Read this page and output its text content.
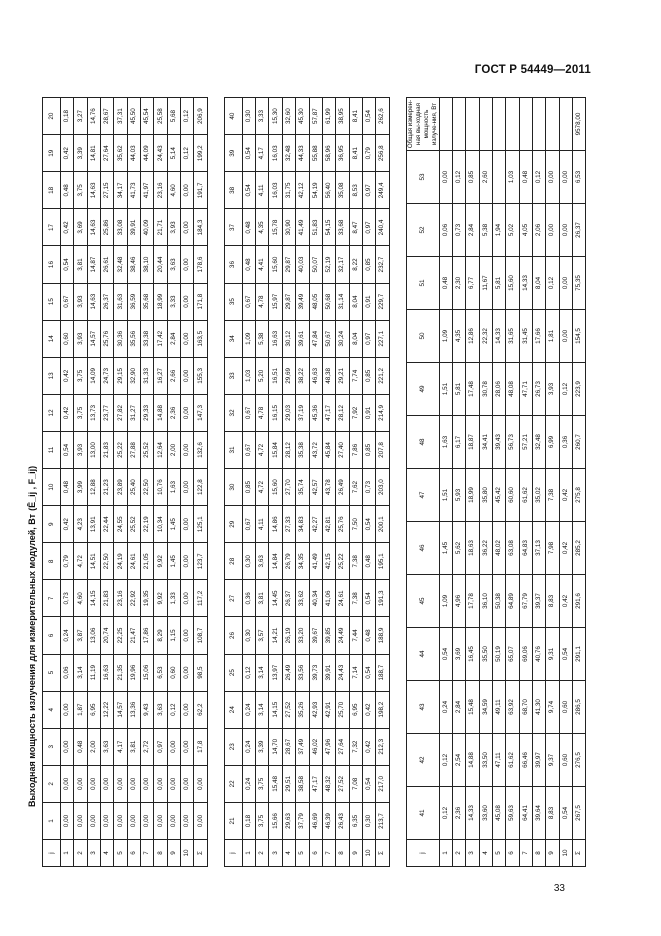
ГОСТ Р 54449—2011
Выходная мощность излучения для измерительных модулей, Вт
(Ē_ij , F_ij)
j	1	2	3	4	5	6	7	8	9	10	11	12	13	14	15	16	17	18	19	20
1	0,00	0,00	0,00	0,00	0,06	0,24	0,73	0,79	0,42	0,48	0,54	0,42	0,42	0,60	0,67	0,54	0,42	0,48	0,42	0,18
2	0,00	0,00	0,48	1,87	3,14	3,87	4,60	4,72	4,23	3,99	3,93	3,75	3,75	3,93	3,93	3,81	3,69	3,75	3,39	3,27
3	0,00	0,00	2,00	6,95	11,19	13,06	14,15	14,51	13,91	12,88	13,00	13,73	14,09	14,57	14,63	14,87	14,63	14,63	14,81	14,76
4	0,00	0,00	3,63	12,22	16,63	20,74	21,83	22,50	22,44	21,23	21,83	23,77	24,73	25,76	26,37	26,61	25,86	27,15	27,64	28,67
5	0,00	0,00	4,17	14,57	21,35	22,25	23,16	24,19	24,55	23,89	25,22	27,82	29,15	30,36	31,63	32,48	33,08	34,17	35,62	37,31
6	0,00	0,00	3,81	13,36	19,96	21,47	22,92	24,61	25,52	25,40	27,88	31,27	32,90	35,56	36,59	38,46	39,91	41,73	44,03	45,50
7	0,00	0,00	2,72	9,43	15,06	17,86	19,35	21,05	22,19	22,50	25,52	29,33	31,33	33,38	35,68	38,10	40,09	41,97	44,09	45,54
8	0,00	0,00	0,97	3,63	6,53	8,29	9,92	9,92	10,34	10,76	12,64	14,88	16,27	17,42	18,99	20,44	21,71	23,16	24,43	25,58
9	0,00	0,00	0,00	0,12	0,60	1,15	1,33	1,45	1,45	1,63	2,00	2,36	2,66	2,84	3,33	3,63	3,93	4,60	5,14	5,68
10	0,00	0,00	0,00	0,00	0,00	0,00	0,00	0,00	0,00	0,00	0,00	0,00	0,00	0,00	0,00	0,00	0,00	0,00	0,12	0,12
Σ	0,00	0,00	17,8	62,2	98,5	108,7	117,2	123,7	125,1	122,8	132,6	147,3	155,3	163,5	171,8	178,6	184,3	191,7	199,2	206,9
j	21	22	23	24	25	26	27	28	29	30	31	32	33	34	35	36	37	38	39	40
1	0,18	0,24	0,24	0,24	0,12	0,30	0,36	0,30	0,67	0,85	0,67	0,67	1,03	1,09	0,67	0,48	0,48	0,54	0,54	0,30
2	3,75	3,75	3,39	3,14	3,14	3,57	3,81	3,63	4,11	4,72	4,72	4,78	5,20	5,38	4,78	4,41	4,35	4,11	4,17	3,33
3	15,66	15,48	14,70	14,15	13,97	14,21	14,45	14,84	14,86	15,60	15,84	16,15	16,51	16,63	15,97	15,60	15,78	16,03	16,03	15,30
4	29,63	29,51	28,67	27,52	26,49	26,19	26,37	26,79	27,33	27,70	28,12	29,03	29,69	30,12	29,87	29,87	30,90	31,75	32,48	32,60
5	37,79	38,58	37,49	35,26	33,56	33,20	33,62	34,35	34,83	35,74	35,38	37,19	38,22	39,61	39,49	40,03	41,49	42,12	44,33	45,30
6	46,69	47,17	46,02	42,93	39,73	39,67	40,34	41,49	42,27	42,57	43,72	45,36	46,63	47,84	48,05	50,07	51,83	54,19	55,88	57,87
7	46,39	48,32	47,96	42,91	39,91	39,85	41,06	42,15	42,81	43,78	45,84	47,17	48,38	50,67	50,68	52,19	54,15	56,40	58,96	61,99
8	26,43	27,52	27,64	25,70	24,43	24,49	24,61	25,22	25,76	26,49	27,40	28,12	29,21	30,24	31,14	32,17	33,68	35,08	36,95	38,95
9	6,35	7,08	7,32	6,95	7,14	7,44	7,38	7,38	7,50	7,62	7,86	7,92	7,74	8,04	8,04	8,22	8,47	8,53	8,41	8,41
10	0,30	0,54	0,42	0,42	0,54	0,48	0,54	0,48	0,54	0,73	0,85	0,91	0,85	0,97	0,91	0,85	0,97	0,97	0,79	0,54
Σ	213,7	217,0	212,3	198,2	188,7	188,9	191,3	195,1	200,1	203,0	207,8	214,9	221,2	227,1	229,7	232,7	240,4	249,4	256,8	262,6
j	41	42	43	44	45	46	47	48	49	50	51	52	53	Общая измерен-ная вы-ходная мощность излуче-ния, Вт
1	0,12	0,12	0,24	0,54	1,09	1,45	1,51	1,63	1,51	1,09	0,48	0,06	0,00	
2	2,36	2,54	2,84	3,69	4,96	5,62	5,93	6,17	5,81	4,35	2,30	0,73	0,12	
3	14,33	14,88	15,48	16,45	17,78	18,63	18,99	18,87	17,48	12,86	6,77	2,84	0,85	
4	33,60	33,50	34,59	35,50	36,10	36,22	35,80	34,41	30,78	22,32	11,67	5,38	2,60	
5	45,08	47,11	49,11	50,19	50,38	48,02	45,42	39,43	28,06	14,33	5,81	1,94		
6	59,63	61,62	63,92	65,07	64,89	63,08	60,60	56,73	48,08	31,65	15,60	5,02	1,03	
7	64,41	66,46	68,70	69,06	67,79	64,83	61,62	57,21	47,71	31,45	14,33	4,05	0,48	
8	39,64	39,97	41,30	40,76	39,37	37,13	35,02	32,48	26,73	17,66	8,04	2,06	0,12	
9	8,83	9,37	9,74	9,31	8,83	7,98	7,38	6,99	3,93	1,81	0,12	0,00	0,00	
10	0,54	0,60	0,60	0,54	0,42	0,42	0,42	0,36	0,12	0,00	0,00	0,00	0,00	
Σ	267,5	276,5	286,5	291,1	291,6	285,2	275,8	260,7	223,9	154,5	75,35	26,37	6,53	9578,00
33
